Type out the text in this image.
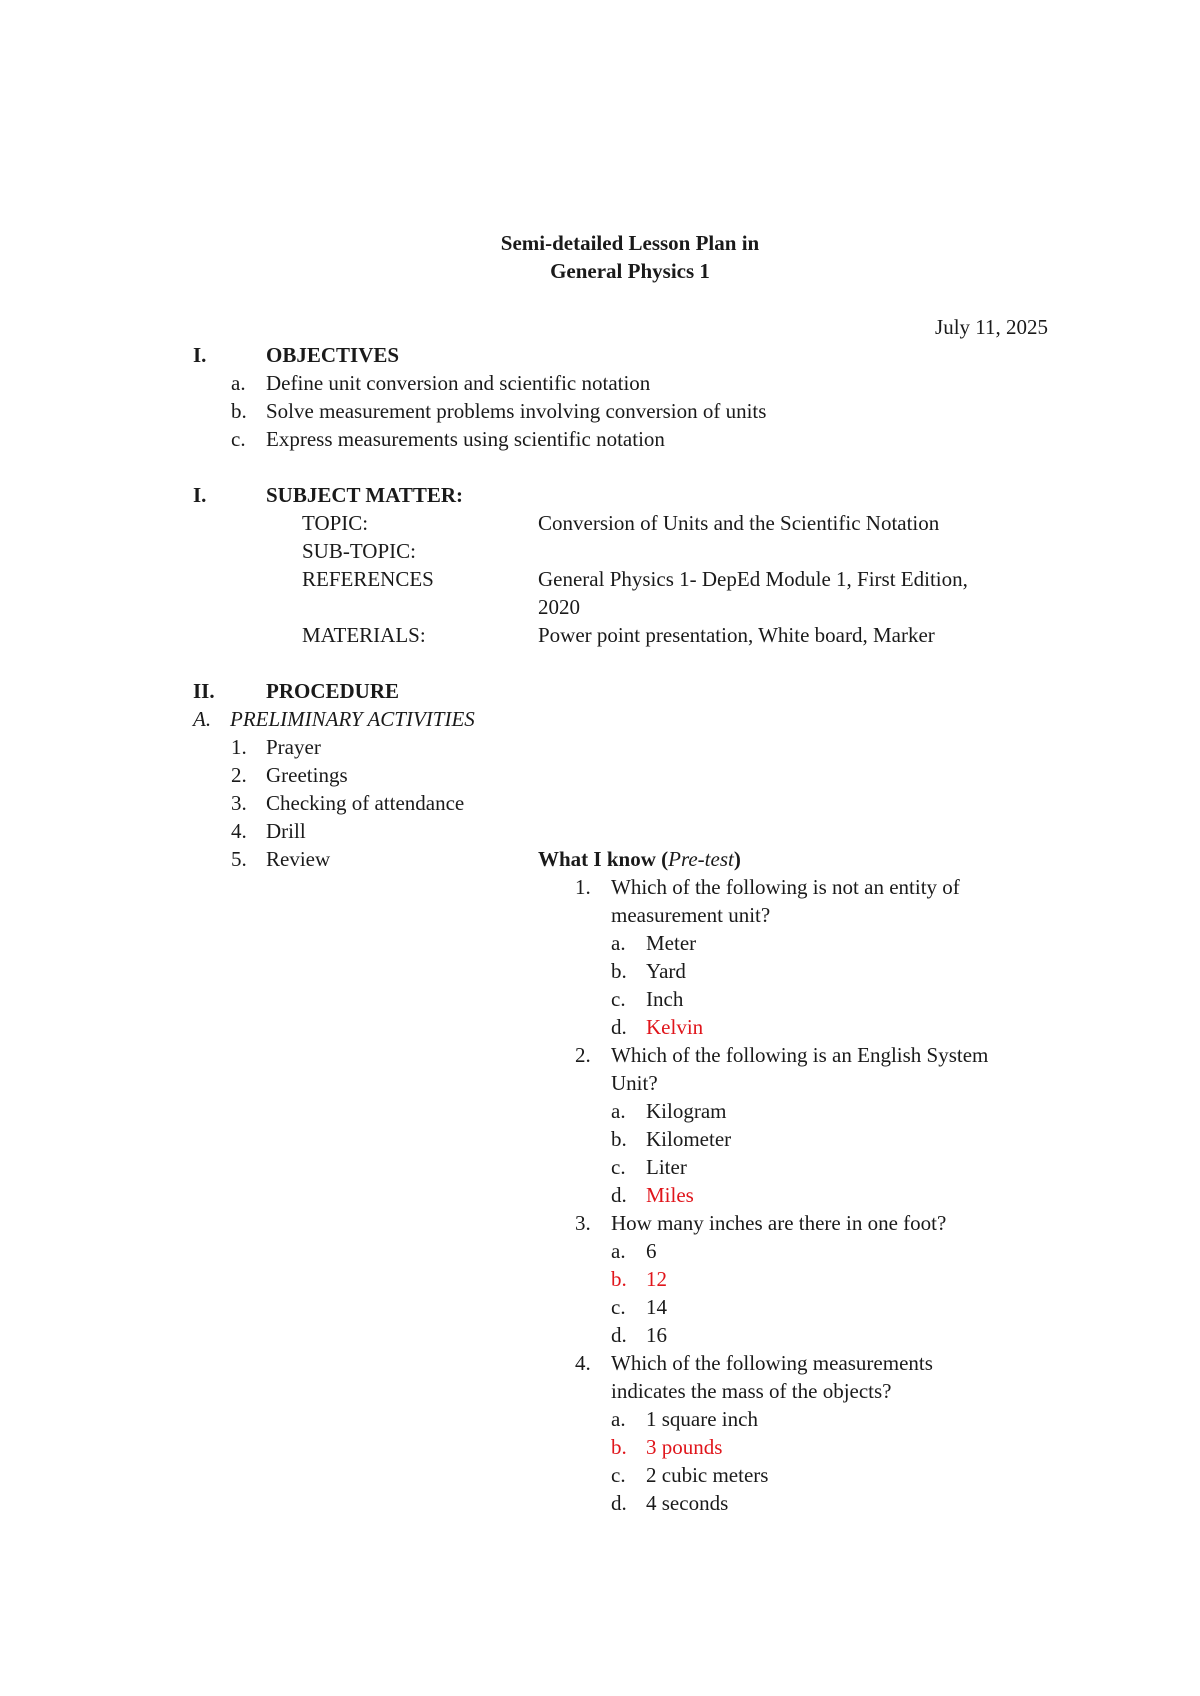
Semi-detailed Lesson Plan in
General Physics 1
July 11, 2025
I.	OBJECTIVES
a. Define unit conversion and scientific notation
b. Solve measurement problems involving conversion of units
c. Express measurements using scientific notation
I.	SUBJECT MATTER:
TOPIC:	Conversion of Units and the Scientific Notation
SUB-TOPIC:
REFERENCES	General Physics 1- DepEd Module 1, First Edition,
2020
MATERIALS:	Power point presentation, White board, Marker
II. PROCEDURE
A. PRELIMINARY ACTIVITIES
1. Prayer
2. Greetings
3. Checking of attendance
4. Drill
5. Review	What I know (Pre-test)
1. Which of the following is not an entity of
measurement unit?
a. Meter
b. Yard
c. Inch
d. Kelvin
2. Which of the following is an English System
Unit?
a. Kilogram
b. Kilometer
c. Liter
d. Miles
3. How many inches are there in one foot?
a. 6
b. 12
c. 14
d. 16
4. Which of the following measurements
indicates the mass of the objects?
a. 1 square inch
b. 3 pounds
c. 2 cubic meters
d. 4 seconds
